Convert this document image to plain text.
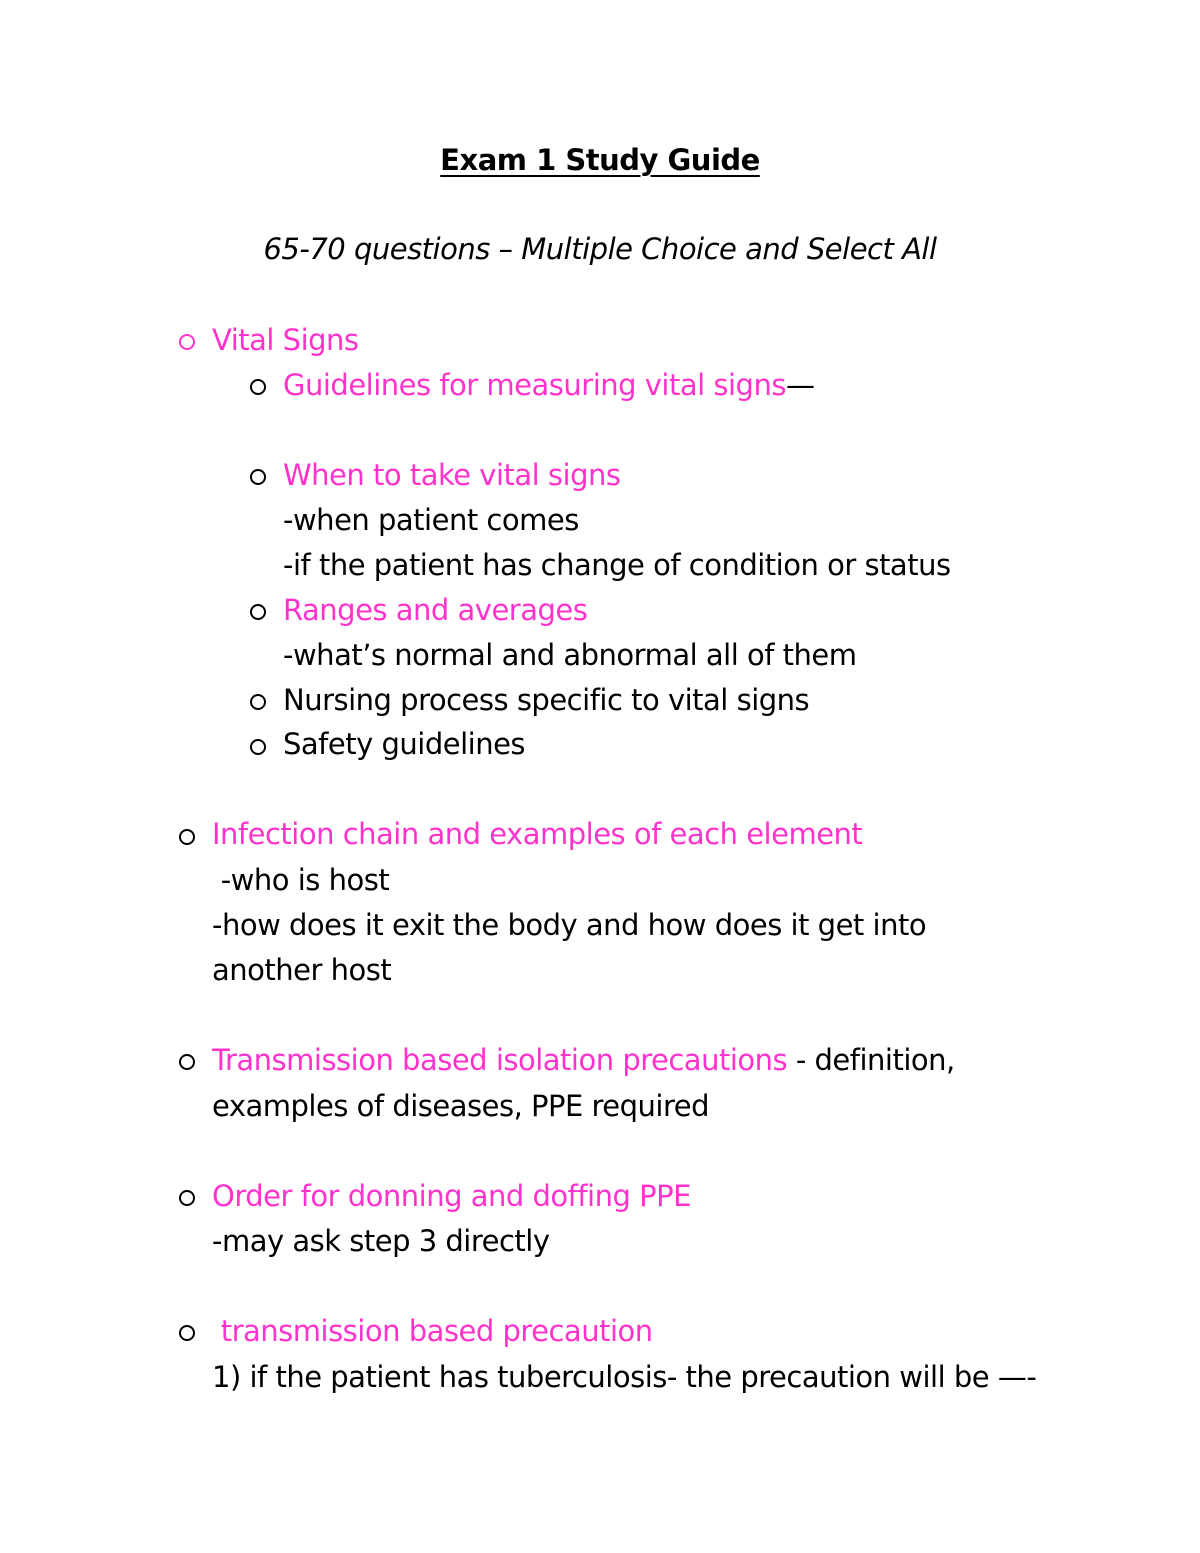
Exam 1 Study Guide
65-70 questions – Multiple Choice and Select All
Vital Signs
Guidelines for measuring vital signs—
When to take vital signs
-when patient comes
-if the patient has change of condition or status
Ranges and averages
-what’s normal and abnormal all of them
Nursing process specific to vital signs
Safety guidelines
Infection chain and examples of each element
-who is host
-how does it exit the body and how does it get into
another host
Transmission based isolation precautions - definition,
examples of diseases, PPE required
Order for donning and doffing PPE
-may ask step 3 directly
transmission based precaution
1) if the patient has tuberculosis- the precaution will be —-
